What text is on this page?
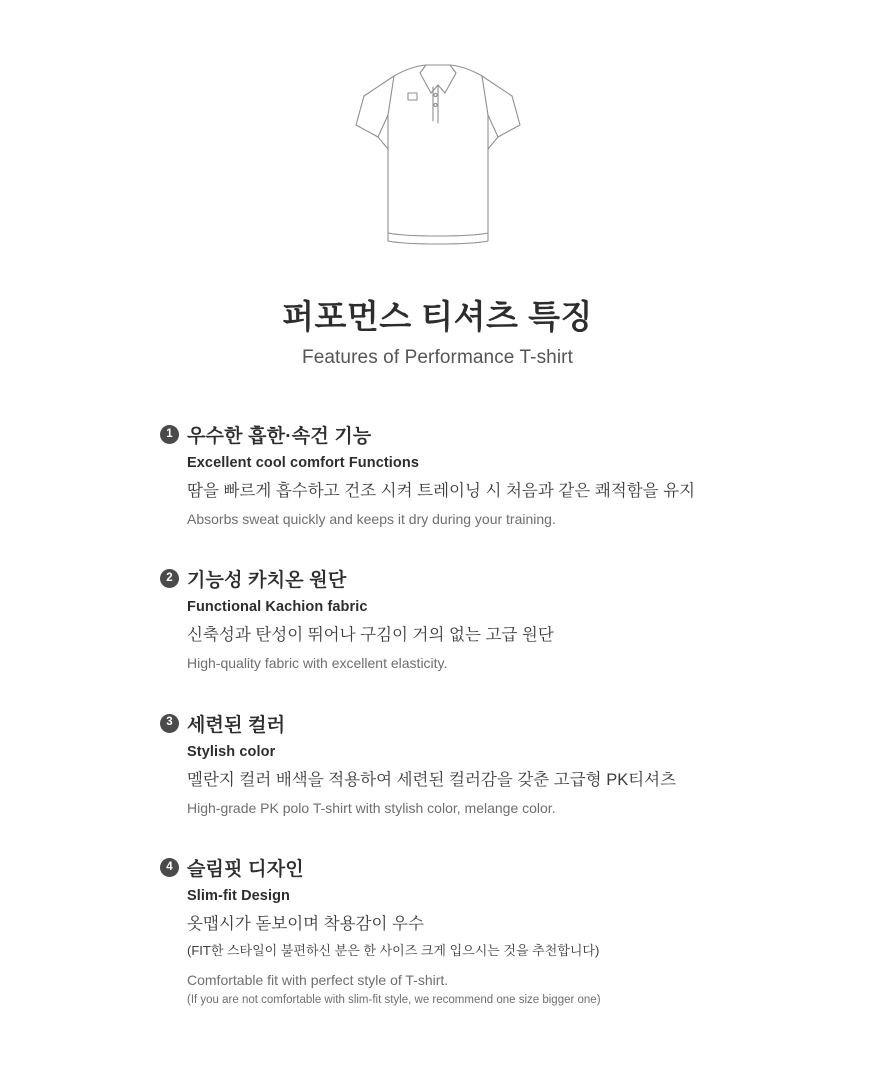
퍼포먼스 티셔츠 특징
Features of Performance T-shirt
1 우수한 흡한·속건 기능
Excellent cool comfort Functions
땀을 빠르게 흡수하고 건조 시켜 트레이닝 시 처음과 같은 쾌적함을 유지
Absorbs sweat quickly and keeps it dry during your training.
2 기능성 카치온 원단
Functional Kachion fabric
신축성과 탄성이 뛰어나 구김이 거의 없는 고급 원단
High-quality fabric with excellent elasticity.
3 세련된 컬러
Stylish color
멜란지 컬러 배색을 적용하여 세련된 컬러감을 갖춘 고급형 PK티셔츠
High-grade PK polo T-shirt with stylish color, melange color.
4 슬림핏 디자인
Slim-fit Design
옷맵시가 돋보이며 착용감이 우수
(FIT한 스타일이 불편하신 분은 한 사이즈 크게 입으시는 것을 추천합니다)
Comfortable fit with perfect style of T-shirt.
(If you are not comfortable with slim-fit style, we recommend one size bigger one)
